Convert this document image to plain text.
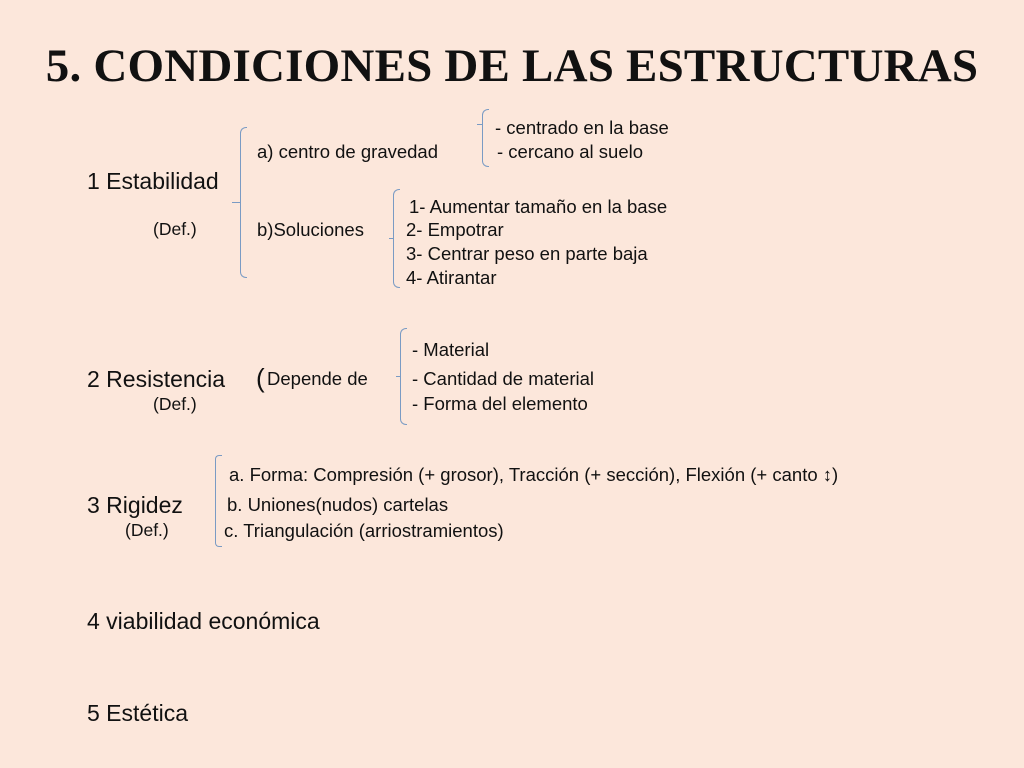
5. CONDICIONES DE LAS ESTRUCTURAS
1 Estabilidad
(Def.)
a) centro de gravedad
- centrado en la base
- cercano al suelo
b)Soluciones
1- Aumentar tamaño en la base
2- Empotrar
3- Centrar peso en parte baja
4- Atirantar
2 Resistencia ( Depende de
(Def.)
- Material
- Cantidad de material
- Forma del elemento
3 Rigidez
(Def.)
a. Forma: Compresión (+ grosor), Tracción (+ sección), Flexión (+ canto ↕)
b. Uniones(nudos) cartelas
c. Triangulación (arriostramientos)
4 viabilidad económica
5 Estética
